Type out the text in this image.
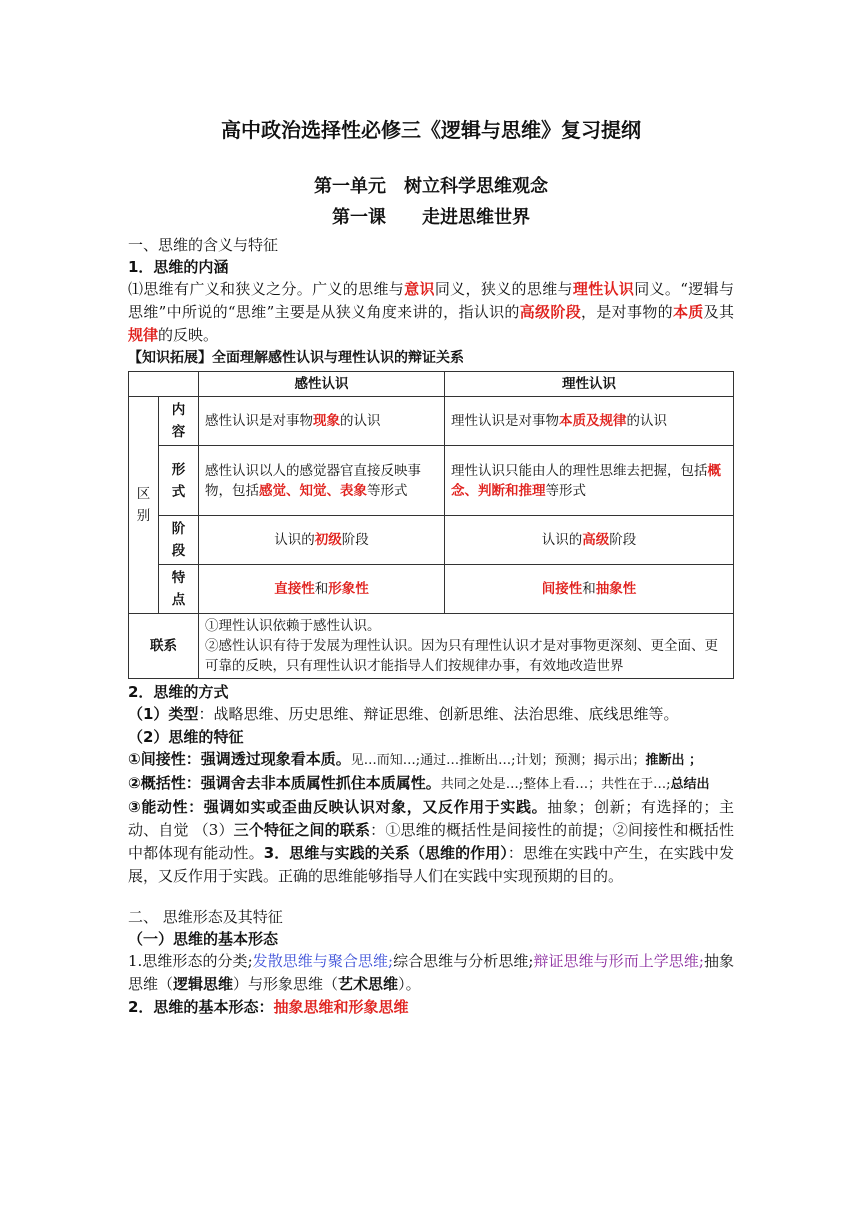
高中政治选择性必修三《逻辑与思维》复习提纲
第一单元　树立科学思维观念
第一课　　走进思维世界
一、思维的含义与特征
1．思维的内涵
⑴思维有广义和狭义之分。广义的思维与意识同义，狭义的思维与理性认识同义。“逻辑与思维”中所说的“思维”主要是从狭义角度来讲的，指认识的高级阶段，是对事物的本质及其规律的反映。
【知识拓展】全面理解感性认识与理性认识的辩证关系
		感性认识	理性认识

区别	内容	感性认识是对事物现象的认识	理性认识是对事物本质及规律的认识

	形式	感性认识以人的感觉器官直接反映事物，包括感觉、知觉、表象等形式	理性认识只能由人的理性思维去把握，包括概念、判断和推理等形式

	阶段	认识的初级阶段	认识的高级阶段

	特点	直接性和形象性	间接性和抽象性
联系		①理性认识依赖于感性认识。
②感性认识有待于发展为理性认识。因为只有理性认识才是对事物更深刻、更全面、更可靠的反映，只有理性认识才能指导人们按规律办事，有效地改造世界	
2．思维的方式
（1）类型：战略思维、历史思维、辩证思维、创新思维、法治思维、底线思维等。
（2）思维的特征
①间接性：强调透过现象看本质。见…而知…;通过…推断出…;计划；预测；揭示出；推断出 ；
②概括性：强调舍去非本质属性抓住本质属性。共同之处是…;整体上看…；共性在于…;总结出
③能动性：强调如实或歪曲反映认识对象，又反作用于实践。抽象；创新；有选择的；主动、自觉 （3）三个特征之间的联系：①思维的概括性是间接性的前提；②间接性和概括性中都体现有能动性。3．思维与实践的关系（思维的作用）：思维在实践中产生，在实践中发展，又反作用于实践。正确的思维能够指导人们在实践中实现预期的目的。
二、 思维形态及其特征
（一）思维的基本形态
1.思维形态的分类;发散思维与聚合思维;综合思维与分析思维;辩证思维与形而上学思维;抽象思维（逻辑思维）与形象思维（艺术思维）。
2．思维的基本形态：抽象思维和形象思维
